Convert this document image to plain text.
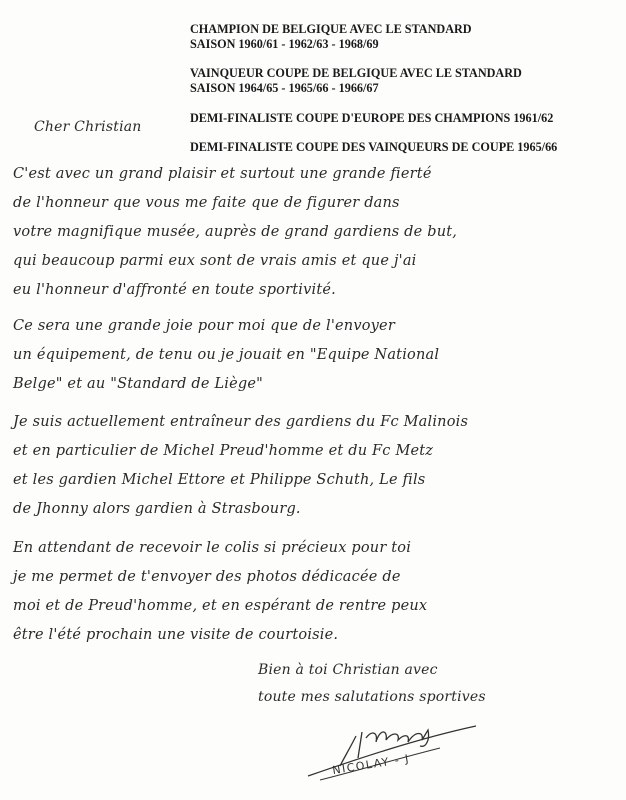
CHAMPION DE BELGIQUE AVEC LE STANDARD
SAISON 1960/61 - 1962/63 - 1968/69
VAINQUEUR COUPE DE BELGIQUE AVEC LE STANDARD
SAISON 1964/65 - 1965/66 - 1966/67
DEMI-FINALISTE COUPE D'EUROPE DES CHAMPIONS 1961/62
DEMI-FINALISTE COUPE DES VAINQUEURS DE COUPE 1965/66
Cher Christian
C'est avec un grand plaisir et surtout une grande fierté
de l'honneur que vous me faite que de figurer dans
votre magnifique musée, auprès de grand gardiens de but,
qui beaucoup parmi eux sont de vrais amis et que j'ai
eu l'honneur d'affronté en toute sportivité.
Ce sera une grande joie pour moi que de l'envoyer
un équipement, de tenu ou je jouait en "Equipe National
Belge" et au "Standard de Liège"
Je suis actuellement entraîneur des gardiens du Fc Malinois
et en particulier de Michel Preud'homme et du Fc Metz
et les gardien Michel Ettore et Philippe Schuth, Le fils
de Jhonny alors gardien à Strasbourg.
En attendant de recevoir le colis si précieux pour toi
je me permet de t'envoyer des photos dédicacée de
moi et de Preud'homme, et en espérant de rentre peux
être l'été prochain une visite de courtoisie.
Bien à toi Christian avec
toute mes salutations sportives
NICOLAY - J
